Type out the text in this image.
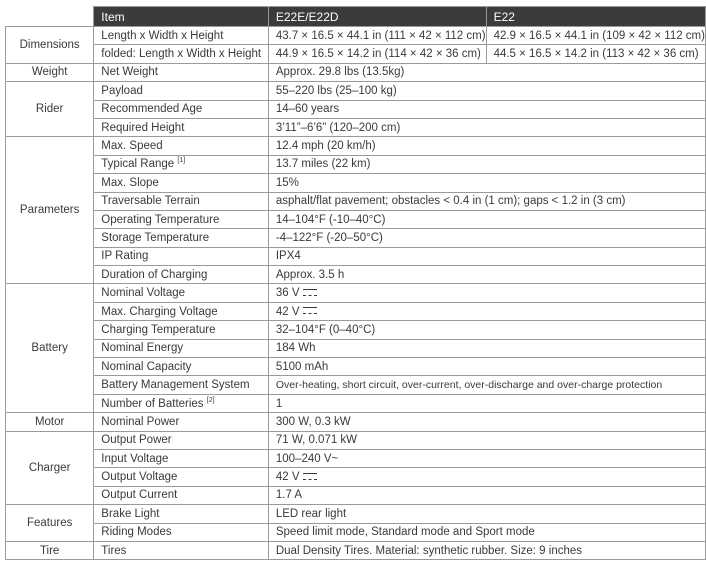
	Item	E22E/E22D	E22
Dimensions	Length x Width x Height	43.7 × 16.5 × 44.1 in (111 × 42 × 112 cm)	42.9 × 16.5 × 44.1 in (109 × 42 × 112 cm)
	folded: Length x Width x Height	44.9 × 16.5 × 14.2 in (114 × 42 × 36 cm)	44.5 × 16.5 × 14.2 in (113 × 42 × 36 cm)
Weight	Net Weight	Approx. 29.8 lbs (13.5kg)	
Rider	Payload	55–220 lbs (25–100 kg)	
	Recommended Age	14–60 years	
	Required Height	3’11”–6’6” (120–200 cm)	
Parameters	Max. Speed	12.4 mph (20 km/h)	
	Typical Range [1]	13.7 miles (22 km)	
	Max. Slope	15%	
	Traversable Terrain	asphalt/flat pavement; obstacles < 0.4 in (1 cm); gaps < 1.2 in (3 cm)	
	Operating Temperature	14–104°F (-10–40°C)	
	Storage Temperature	-4–122°F (-20–50°C)	
	IP Rating	IPX4	
	Duration of Charging	Approx. 3.5 h	
Battery	Nominal Voltage	36 V	
	Max. Charging Voltage	42 V	
	Charging Temperature	32–104°F (0–40°C)	
	Nominal Energy	184 Wh	
	Nominal Capacity	5100 mAh	
	Battery Management System	Over-heating, short circuit, over-current, over-discharge and over-charge protection	
	Number of Batteries [2]	1	
Motor	Nominal Power	300 W, 0.3 kW	
Charger	Output Power	71 W, 0.071 kW	
	Input Voltage	100–240 V~	
	Output Voltage	42 V	
	Output Current	1.7 A	
Features	Brake Light	LED rear light	
	Riding Modes	Speed limit mode, Standard mode and Sport mode	
Tire	Tires	Dual Density Tires. Material: synthetic rubber. Size: 9 inches	
